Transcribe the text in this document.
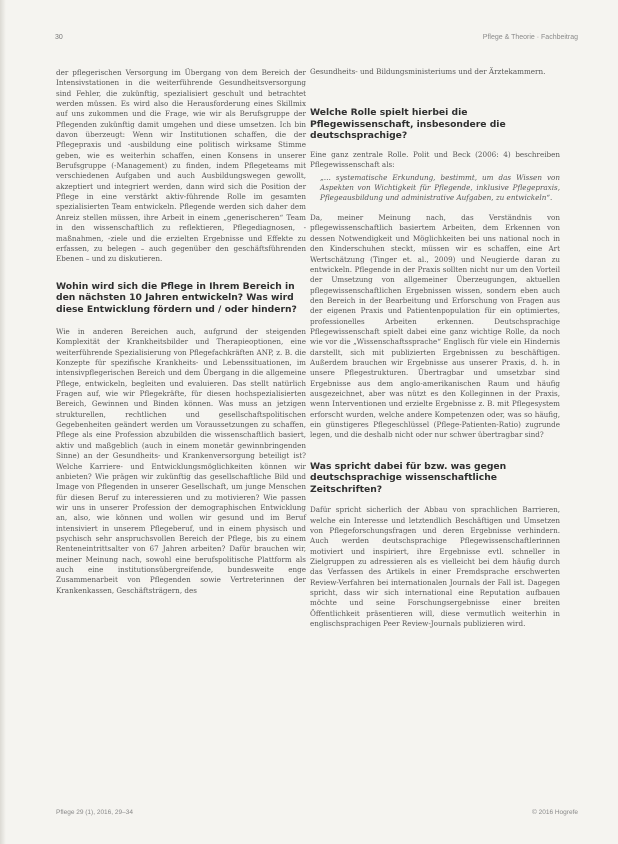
30	Pflege & Theorie · Fachbeitrag

der pflegerischen Versorgung im Übergang von dem Bereich der Intensivstationen in die weiterführende Gesundheitsversorgung sind Fehler, die zukünftig, spezialisiert geschult und betrachtet werden müssen. Es wird also die Herausforderung eines Skillmix auf uns zukommen und die Frage, wie wir als Berufsgruppe der Pflegenden zukünftig damit umgehen und diese umsetzen. Ich bin davon überzeugt: Wenn wir Institutionen schaffen, die der Pflegepraxis und -ausbildung eine politisch wirksame Stimme geben, wie es weiterhin schaffen, einen Konsens in unserer Berufsgruppe (-Management) zu finden, indem Pflegeteams mit verschiedenen Aufgaben und auch Ausbildungswegen gewollt, akzeptiert und integriert werden, dann wird sich die Position der Pflege in eine verstärkt aktiv-führende Rolle im gesamten spezialisierten Team entwickeln. Pflegende werden sich daher dem Anreiz stellen müssen, ihre Arbeit in einem „generischeren“ Team in den wissenschaftlich zu reflektieren, Pflegediagnosen, -maßnahmen, -ziele und die erzielten Ergebnisse und Effekte zu erfassen, zu belegen – auch gegenüber den geschäftsführenden Ebenen – und zu diskutieren.

Wohin wird sich die Pflege in Ihrem Bereich in den nächsten 10 Jahren entwickeln? Was wird diese Entwicklung fördern und / oder hindern?

Wie in anderen Bereichen auch, aufgrund der steigenden Komplexität der Krankheitsbilder und Therapieoptionen, eine weiterführende Spezialisierung von Pflegefachkräften ANP, z. B. die Konzepte für spezifische Krankheits- und Lebenssituationen, im intensivpflegerischen Bereich und dem Übergang in die allgemeine Pflege, entwickeln, begleiten und evaluieren. Das stellt natürlich Fragen auf, wie wir Pflegekräfte, für diesen hochspezialisierten Bereich, Gewinnen und Binden können. Was muss an jetzigen strukturellen, rechtlichen und gesellschaftspolitischen Gegebenheiten geändert werden um Voraussetzungen zu schaffen, Pflege als eine Profession abzubilden die wissenschaftlich basiert, aktiv und maßgeblich (auch in einem monetär gewinnbringenden Sinne) an der Gesundheits- und Krankenversorgung beteiligt ist? Welche Karriere- und Entwicklungsmöglichkeiten können wir anbieten? Wie prägen wir zukünftig das gesellschaftliche Bild und Image von Pflegenden in unserer Gesellschaft, um junge Menschen für diesen Beruf zu interessieren und zu motivieren? Wie passen wir uns in unserer Profession der demographischen Entwicklung an, also, wie können und wollen wir gesund und im Beruf intensiviert in unserem Pflegeberuf, und in einem physisch und psychisch sehr anspruchsvollen Bereich der Pflege, bis zu einem Renteneintrittsalter von 67 Jahren arbeiten? Dafür brauchen wir, meiner Meinung nach, sowohl eine berufspolitische Plattform als auch eine institutionsübergreifende, bundesweite enge Zusammenarbeit von Pflegenden sowie Vertreterinnen der Krankenkassen, Geschäftsträgern, des

Gesundheits- und Bildungsministeriums und der Ärztekammern.

Welche Rolle spielt hierbei die Pflegewissenschaft, insbesondere die deutschsprachige?

Eine ganz zentrale Rolle. Polit und Beck (2006: 4) beschreiben Pflegewissenschaft als:

„… systematische Erkundung, bestimmt, um das Wissen von Aspekten von Wichtigkeit für Pflegende, inklusive Pflegepraxis, Pflegeausbildung und administrative Aufgaben, zu entwickeln“.

Da, meiner Meinung nach, das Verständnis von pflegewissenschaftlich basiertem Arbeiten, dem Erkennen von dessen Notwendigkeit und Möglichkeiten bei uns national noch in den Kinderschuhen steckt, müssen wir es schaffen, eine Art Wertschätzung (Tinger et. al., 2009) und Neugierde daran zu entwickeln. Pflegende in der Praxis sollten nicht nur um den Vorteil der Umsetzung von allgemeiner Überzeugungen, aktuellen pflegewissenschaftlichen Ergebnissen wissen, sondern eben auch den Bereich in der Bearbeitung und Erforschung von Fragen aus der eigenen Praxis und Patientenpopulation für ein optimiertes, professionelles Arbeiten erkennen. Deutschsprachige Pflegewissenschaft spielt dabei eine ganz wichtige Rolle, da noch wie vor die „Wissenschaftssprache“ Englisch für viele ein Hindernis darstellt, sich mit publizierten Ergebnissen zu beschäftigen. Außerdem brauchen wir Ergebnisse aus unserer Praxis, d. h. in unsere Pflegestrukturen. Übertragbar und umsetzbar sind Ergebnisse aus dem anglo-amerikanischen Raum und häufig ausgezeichnet, aber was nützt es den Kolleginnen in der Praxis, wenn Interventionen und erzielte Ergebnisse z. B. mit Pflegesystem erforscht wurden, welche andere Kompetenzen oder, was so häufig, ein günstigeres Pflegeschlüssel (Pflege-Patienten-Ratio) zugrunde legen, und die deshalb nicht oder nur schwer übertragbar sind?

Was spricht dabei für bzw. was gegen deutschsprachige wissenschaftliche Zeitschriften?

Dafür spricht sicherlich der Abbau von sprachlichen Barrieren, welche ein Interesse und letztendlich Beschäftigen und Umsetzen von Pflegeforschungsfragen und deren Ergebnisse verhindern. Auch werden deutschsprachige Pflegewissenschaftlerinnen motiviert und inspiriert, ihre Ergebnisse evtl. schneller in Zielgruppen zu adressieren als es vielleicht bei dem häufig durch das Verfassen des Artikels in einer Fremdsprache erschwerten Review-Verfahren bei internationalen Journals der Fall ist. Dagegen spricht, dass wir sich international eine Reputation aufbauen möchte und seine Forschungsergebnisse einer breiten Öffentlichkeit präsentieren will, diese vermutlich weiterhin in englischsprachigen Peer Review-Journals publizieren wird.

Pflege 29 (1), 2016, 29–34	© 2016 Hogrefe
